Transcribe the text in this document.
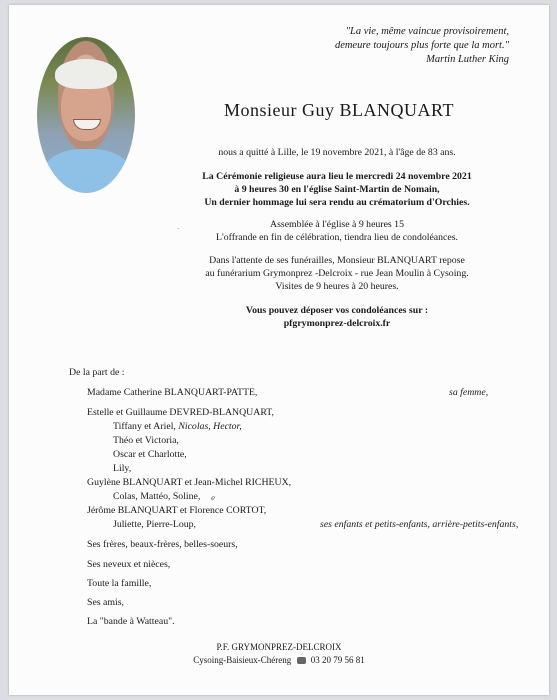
"La vie, même vaincue provisoirement,
demeure toujours plus forte que la mort."
Martin Luther King
Monsieur Guy BLANQUART
nous a quitté à Lille, le 19 novembre 2021, à l'âge de 83 ans.
La Cérémonie religieuse aura lieu le mercredi 24 novembre 2021
à 9 heures 30 en l'église Saint-Martin de Nomain,
Un dernier hommage lui sera rendu au crématorium d'Orchies.
Assemblée à l'église à 9 heures 15
L'offrande en fin de célébration, tiendra lieu de condoléances.
Dans l'attente de ses funérailles, Monsieur BLANQUART repose
au funérarium Grymonprez -Delcroix - rue Jean Moulin à Cysoing.
Visites de 9 heures à 20 heures.
Vous pouvez déposer vos condoléances sur :
pfgrymonprez-delcroix.fr
ˋ
De la part de :
Madame Catherine BLANQUART-PATTE,	sa femme,
Estelle et Guillaume DEVRED-BLANQUART,
Tiffany et Ariel, Nicolas, Hector,
Théo et Victoria,
Oscar et Charlotte,
Lily,
Guylène BLANQUART et Jean-Michel RICHEUX,
Colas, Mattéo, Soline, ℯ
Jérôme BLANQUART et Florence CORTOT,
Juliette, Pierre-Loup,	ses enfants et petits-enfants, arrière-petits-enfants,
Ses frères, beaux-frères, belles-soeurs,
Ses neveux et nièces,
Toute la famille,
Ses amis,
La "bande à Watteau".
P.F. GRYMONPREZ-DELCROIX
Cysoing-Baisieux-Chéreng 03 20 79 56 81
